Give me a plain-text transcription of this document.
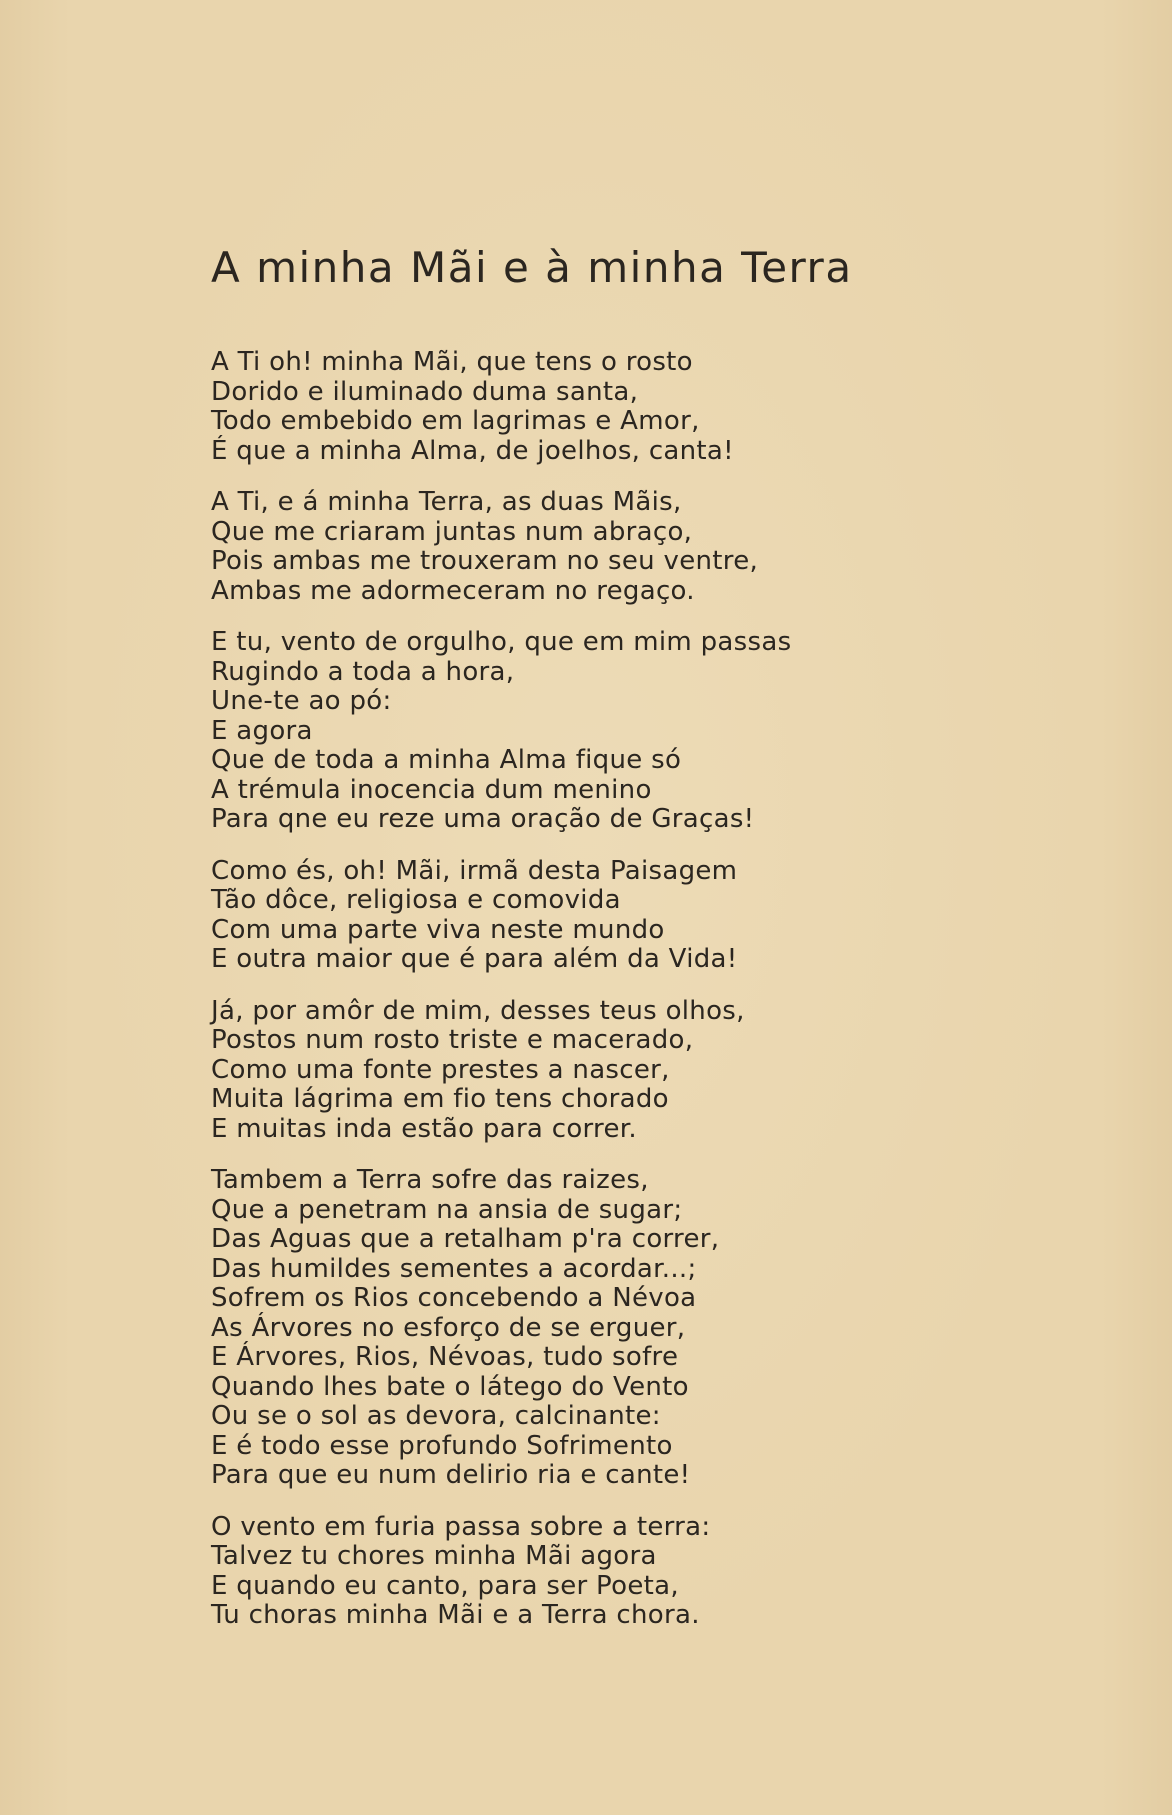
A minha Mãi e à minha Terra
A Ti oh! minha Mãi, que tens o rosto
Dorido e iluminado duma santa,
Todo embebido em lagrimas e Amor,
É que a minha Alma, de joelhos, canta!
A Ti, e á minha Terra, as duas Mãis,
Que me criaram juntas num abraço,
Pois ambas me trouxeram no seu ventre,
Ambas me adormeceram no regaço.
E tu, vento de orgulho, que em mim passas
Rugindo a toda a hora,
Une-te ao pó:
E agora
Que de toda a minha Alma fique só
A trémula inocencia dum menino
Para qne eu reze uma oração de Graças!
Como és, oh! Mãi, irmã desta Paisagem
Tão dôce, religiosa e comovida
Com uma parte viva neste mundo
E outra maior que é para além da Vida!
Já, por amôr de mim, desses teus olhos,
Postos num rosto triste e macerado,
Como uma fonte prestes a nascer,
Muita lágrima em fio tens chorado
E muitas inda estão para correr.
Tambem a Terra sofre das raizes,
Que a penetram na ansia de sugar;
Das Aguas que a retalham p'ra correr,
Das humildes sementes a acordar...;
Sofrem os Rios concebendo a Névoa
As Árvores no esforço de se erguer,
E Árvores, Rios, Névoas, tudo sofre
Quando lhes bate o látego do Vento
Ou se o sol as devora, calcinante:
E é todo esse profundo Sofrimento
Para que eu num delirio ria e cante!
O vento em furia passa sobre a terra:
Talvez tu chores minha Mãi agora
E quando eu canto, para ser Poeta,
Tu choras minha Mãi e a Terra chora.
